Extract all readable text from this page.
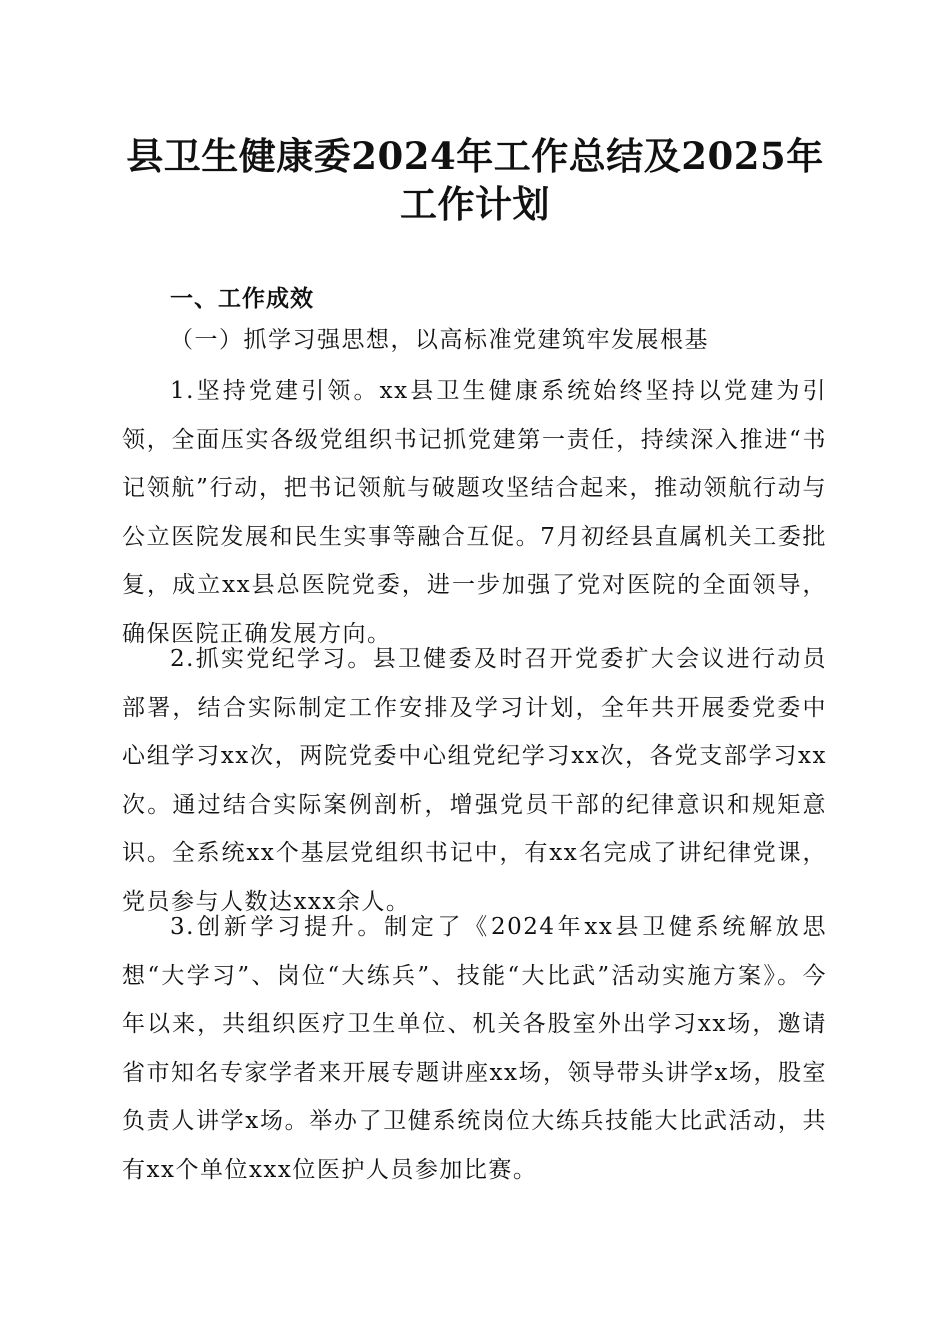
县卫生健康委2024年工作总结及2025年工作计划
一、工作成效
（一）抓学习强思想，以高标准党建筑牢发展根基

1.坚持党建引领。xx县卫生健康系统始终坚持以党建为引领，全面压实各级党组织书记抓党建第一责任，持续深入推进“书记领航”行动，把书记领航与破题攻坚结合起来，推动领航行动与公立医院发展和民生实事等融合互促。7月初经县直属机关工委批复，成立xx县总医院党委，进一步加强了党对医院的全面领导，确保医院正确发展方向。

2.抓实党纪学习。县卫健委及时召开党委扩大会议进行动员部署，结合实际制定工作安排及学习计划，全年共开展委党委中心组学习xx次，两院党委中心组党纪学习xx次，各党支部学习xx次。通过结合实际案例剖析，增强党员干部的纪律意识和规矩意识。全系统xx个基层党组织书记中，有xx名完成了讲纪律党课，党员参与人数达xxx余人。

3.创新学习提升。制定了《2024年xx县卫健系统解放思想“大学习”、岗位“大练兵”、技能“大比武”活动实施方案》。今年以来，共组织医疗卫生单位、机关各股室外出学习xx场，邀请省市知名专家学者来开展专题讲座xx场，领导带头讲学x场，股室负责人讲学x场。举办了卫健系统岗位大练兵技能大比武活动，共有xx个单位xxx位医护人员参加比赛。
